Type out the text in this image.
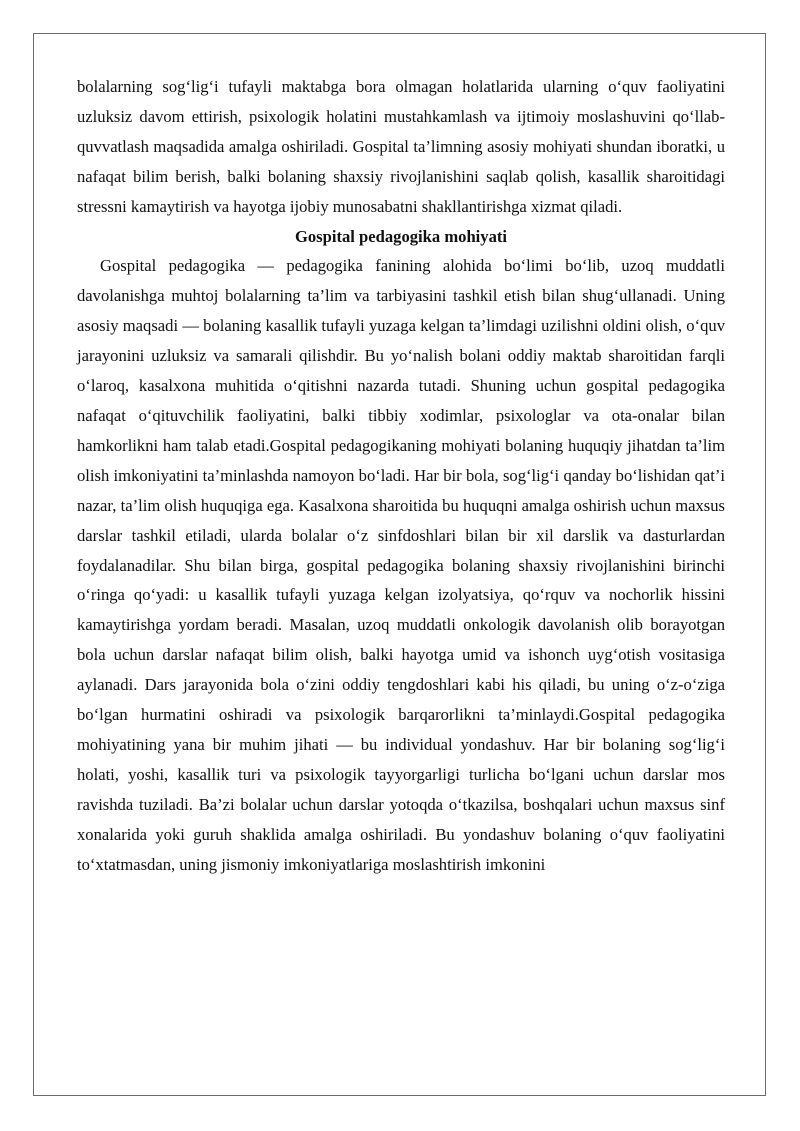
bolalarning sog‘lig‘i tufayli maktabga bora olmagan holatlarida ularning o‘quv faoliyatini uzluksiz davom ettirish, psixologik holatini mustahkamlash va ijtimoiy moslashuvini qo‘llab-quvvatlash maqsadida amalga oshiriladi. Gospital ta’limning asosiy mohiyati shundan iboratki, u nafaqat bilim berish, balki bolaning shaxsiy rivojlanishini saqlab qolish, kasallik sharoitidagi stressni kamaytirish va hayotga ijobiy munosabatni shakllantirishga xizmat qiladi.

Gospital pedagogika mohiyati

Gospital pedagogika — pedagogika fanining alohida bo‘limi bo‘lib, uzoq muddatli davolanishga muhtoj bolalarning ta’lim va tarbiyasini tashkil etish bilan shug‘ullanadi. Uning asosiy maqsadi — bolaning kasallik tufayli yuzaga kelgan ta’limdagi uzilishni oldini olish, o‘quv jarayonini uzluksiz va samarali qilishdir. Bu yo‘nalish bolani oddiy maktab sharoitidan farqli o‘laroq, kasalxona muhitida o‘qitishni nazarda tutadi. Shuning uchun gospital pedagogika nafaqat o‘qituvchilik faoliyatini, balki tibbiy xodimlar, psixologlar va ota-onalar bilan hamkorlikni ham talab etadi.Gospital pedagogikaning mohiyati bolaning huquqiy jihatdan ta’lim olish imkoniyatini ta’minlashda namoyon bo‘ladi. Har bir bola, sog‘lig‘i qanday bo‘lishidan qat’i nazar, ta’lim olish huquqiga ega. Kasalxona sharoitida bu huquqni amalga oshirish uchun maxsus darslar tashkil etiladi, ularda bolalar o‘z sinfdoshlari bilan bir xil darslik va dasturlardan foydalanadilar. Shu bilan birga, gospital pedagogika bolaning shaxsiy rivojlanishini birinchi o‘ringa qo‘yadi: u kasallik tufayli yuzaga kelgan izolyatsiya, qo‘rquv va nochorlik hissini kamaytirishga yordam beradi. Masalan, uzoq muddatli onkologik davolanish olib borayotgan bola uchun darslar nafaqat bilim olish, balki hayotga umid va ishonch uyg‘otish vositasiga aylanadi. Dars jarayonida bola o‘zini oddiy tengdoshlari kabi his qiladi, bu uning o‘z-o‘ziga bo‘lgan hurmatini oshiradi va psixologik barqarorlikni ta’minlaydi.Gospital pedagogika mohiyatining yana bir muhim jihati — bu individual yondashuv. Har bir bolaning sog‘lig‘i holati, yoshi, kasallik turi va psixologik tayyorgarligi turlicha bo‘lgani uchun darslar mos ravishda tuziladi. Ba’zi bolalar uchun darslar yotoqda o‘tkazilsa, boshqalari uchun maxsus sinf xonalarida yoki guruh shaklida amalga oshiriladi. Bu yondashuv bolaning o‘quv faoliyatini to‘xtatmasdan, uning jismoniy imkoniyatlariga moslashtirish imkonini
